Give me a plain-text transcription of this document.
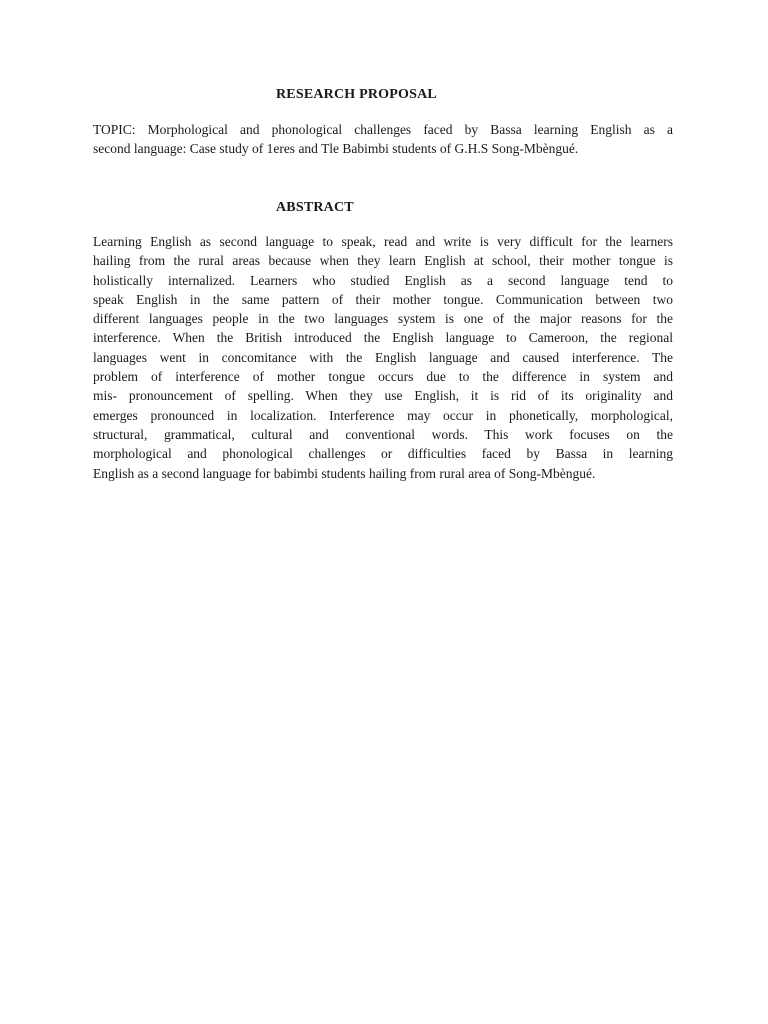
RESEARCH PROPOSAL
TOPIC: Morphological and phonological challenges faced by Bassa learning English as a
second language: Case study of 1eres and Tle Babimbi students of G.H.S Song-Mbèngué.
ABSTRACT
Learning English as second language to speak, read and write is very difficult for the learners
hailing from the rural areas because when they learn English at school, their mother tongue is
holistically internalized. Learners who studied English as a second language tend to
speak English in the same pattern of their mother tongue. Communication between two
different languages people in the two languages system is one of the major reasons for the
interference. When the British introduced the English language to Cameroon, the regional
languages went in concomitance with the English language and caused interference. The
problem of interference of mother tongue occurs due to the difference in system and
mis- pronouncement of spelling. When they use English, it is rid of its originality and
emerges pronounced in localization. Interference may occur in phonetically, morphological,
structural, grammatical, cultural and conventional words. This work focuses on the
morphological and phonological challenges or difficulties faced by Bassa in learning
English as a second language for babimbi students hailing from rural area of Song-Mbèngué.
